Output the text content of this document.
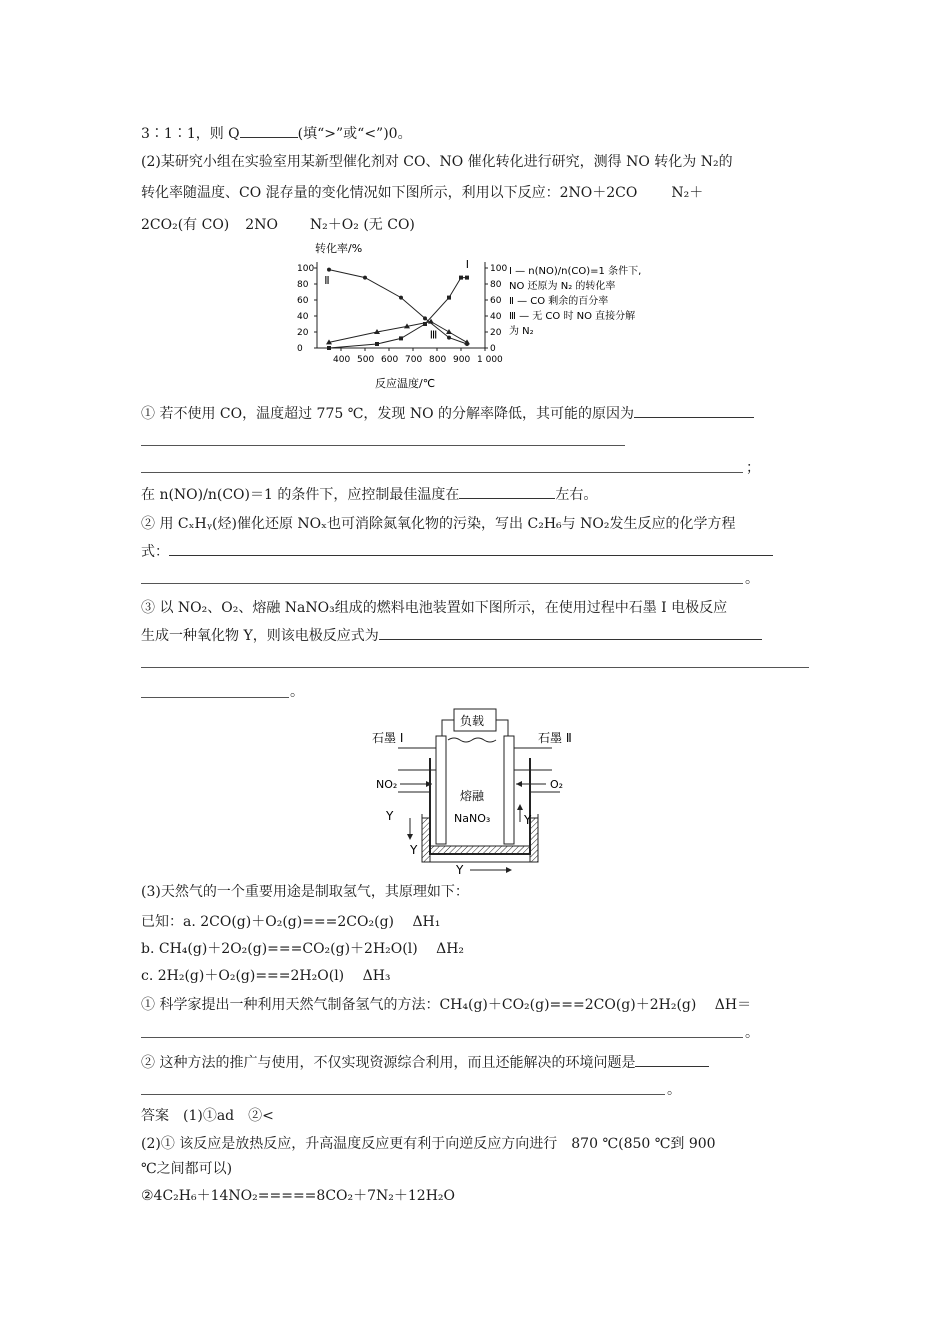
3∶1∶1，则 Q	(填“>”或“<”)0。
(2)某研究小组在实验室用某新型催化剂对 CO、NO 催化转化进行研究，测得 NO 转化为 N₂的
转化率随温度、CO 混存量的变化情况如下图所示，利用以下反应：2NO＋2CO N₂＋
2CO₂(有 CO) 2NO N₂＋O₂ (无 CO)
转化率/%
反应温度/℃
400 500 600 700 800 900 1 000
0	0
20	20
40	40
60	60
80	80
100	100
Ⅰ
Ⅱ
Ⅲ
Ⅰ — n(NO)/n(CO)=1 条件下,
NO 还原为 N₂ 的转化率
Ⅱ — CO 剩余的百分率
Ⅲ — 无 CO 时 NO 直接分解
为 N₂
① 若不使用 CO，温度超过 775 ℃，发现 NO 的分解率降低，其可能的原因为
；
在 n(NO)/n(CO)＝1 的条件下，应控制最佳温度在	左右。
② 用 CₓHᵧ(烃)催化还原 NOₓ也可消除氮氧化物的污染，写出 C₂H₆与 NO₂发生反应的化学方程
式：
。
③ 以 NO₂、O₂、熔融 NaNO₃组成的燃料电池装置如下图所示，在使用过程中石墨 Ⅰ 电极反应
生成一种氧化物 Y，则该电极反应式为
。
负载
石墨 Ⅰ	石墨 Ⅱ
NO₂	O₂
熔融
NaNO₃
Y
Y
Y
Y
(3)天然气的一个重要用途是制取氢气，其原理如下：
已知：a. 2CO(g)＋O₂(g)===2CO₂(g)　 ΔH₁
b. CH₄(g)＋2O₂(g)===CO₂(g)＋2H₂O(l)　 ΔH₂
c. 2H₂(g)＋O₂(g)===2H₂O(l)　 ΔH₃
① 科学家提出一种利用天然气制备氢气的方法：CH₄(g)＋CO₂(g)===2CO(g)＋2H₂(g)　 ΔH＝
。
② 这种方法的推广与使用，不仅实现资源综合利用，而且还能解决的环境问题是
。
答案　(1)①ad　②<
(2)① 该反应是放热反应，升高温度反应更有利于向逆反应方向进行　870 ℃(850 ℃到 900
℃之间都可以)
②4C₂H₆＋14NO₂=====8CO₂＋7N₂＋12H₂O
